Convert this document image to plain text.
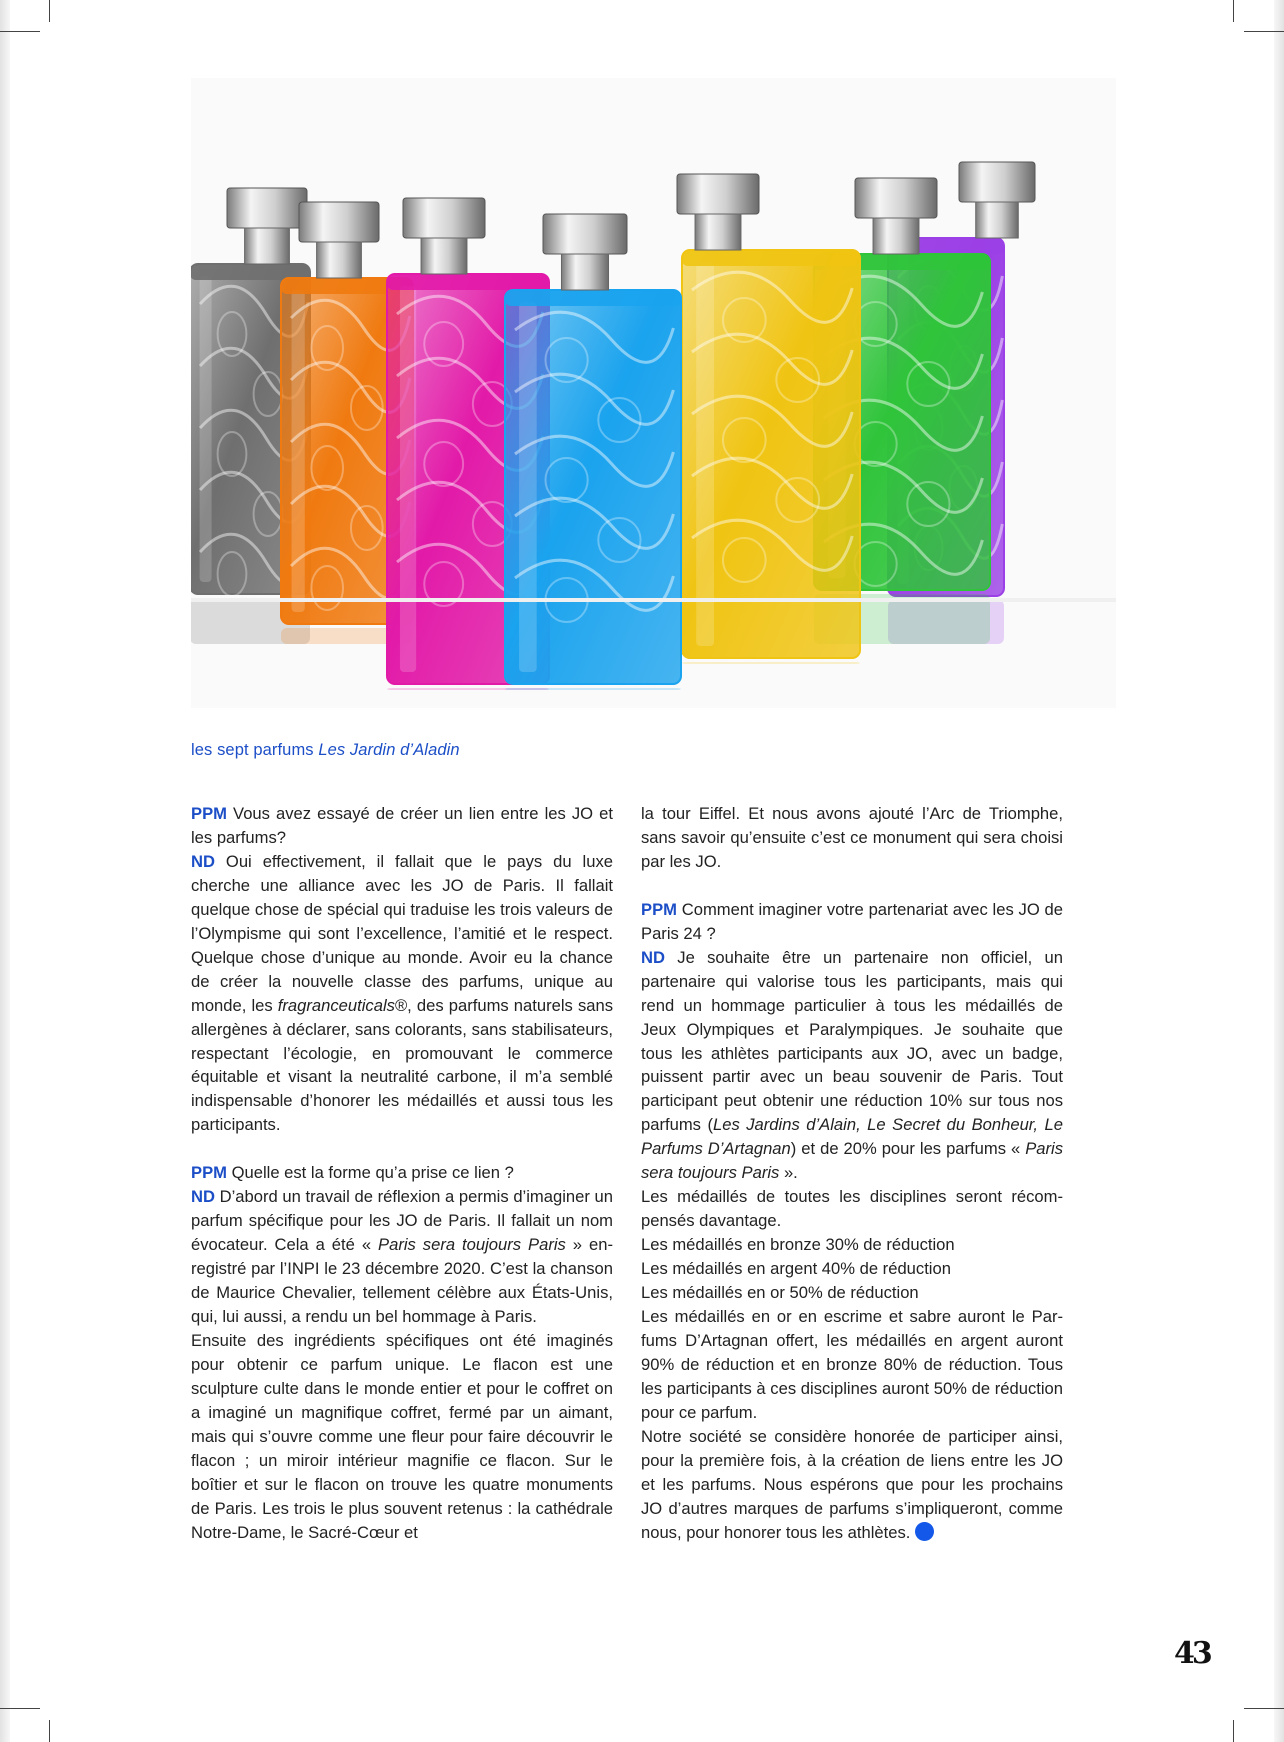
les sept parfums Les Jardin d’Aladin

PPM Vous avez essayé de créer un lien entre les JO et les parfums?

ND Oui effectivement, il fallait que le pays du luxe cherche une alliance avec les JO de Paris. Il fallait quelque chose de spécial qui traduise les trois valeurs de l’Olympisme qui sont l’excellence, l’amitié et le respect. Quelque chose d’unique au monde. Avoir eu la chance de créer la nouvelle classe des parfums, unique au monde, les fragranceuticals®, des parfums naturels sans allergènes à déclarer, sans colorants, sans stabilisateurs, respectant l’écologie, en promouvant le commerce équitable et visant la neutralité carbone, il m’a semblé indispensable d’honorer les médaillés et aussi tous les participants.

PPM Quelle est la forme qu’a prise ce lien ?

ND D’abord un travail de réflexion a permis d’imaginer un parfum spécifique pour les JO de Paris. Il fallait un nom évocateur. Cela a été « Paris sera toujours Paris » enregistré par l’INPI le 23 décembre 2020. C’est la chanson de Maurice Chevalier, tellement célèbre aux États-Unis, qui, lui aussi, a rendu un bel hommage à Paris.

Ensuite des ingrédients spécifiques ont été imaginés pour obtenir ce parfum unique. Le flacon est une sculpture culte dans le monde entier et pour le coffret on a imaginé un magnifique coffret, fermé par un aimant, mais qui s’ouvre comme une fleur pour faire découvrir le flacon ; un miroir intérieur magnifie ce flacon. Sur le boîtier et sur le flacon on trouve les quatre monuments de Paris. Les trois le plus souvent retenus : la cathédrale Notre-Dame, le Sacré-Cœur et

la tour Eiffel. Et nous avons ajouté l’Arc de Triomphe, sans savoir qu’ensuite c’est ce monument qui sera choisi par les JO.

PPM Comment imaginer votre partenariat avec les JO de Paris 24 ?

ND Je souhaite être un partenaire non officiel, un partenaire qui valorise tous les participants, mais qui rend un hommage particulier à tous les médaillés de Jeux Olympiques et Paralympiques. Je souhaite que tous les athlètes participants aux JO, avec un badge, puissent partir avec un beau souvenir de Paris. Tout participant peut obtenir une réduction 10% sur tous nos parfums (Les Jardins d’Alain, Le Secret du Bonheur, Le Parfums D’Artagnan) et de 20% pour les parfums « Paris sera toujours Paris ».

Les médaillés de toutes les disciplines seront récompensés davantage.

Les médaillés en bronze 30% de réduction

Les médaillés en argent 40% de réduction

Les médaillés en or 50% de réduction

Les médaillés en or en escrime et sabre auront le Parfums D’Artagnan offert, les médaillés en argent auront 90% de réduction et en bronze 80% de réduction. Tous les participants à ces disciplines auront 50% de réduction pour ce parfum.

Notre société se considère honorée de participer ainsi, pour la première fois, à la création de liens entre les JO et les parfums. Nous espérons que pour les prochains JO d’autres marques de parfums s’impliqueront, comme nous, pour honorer tous les athlètes.

43
